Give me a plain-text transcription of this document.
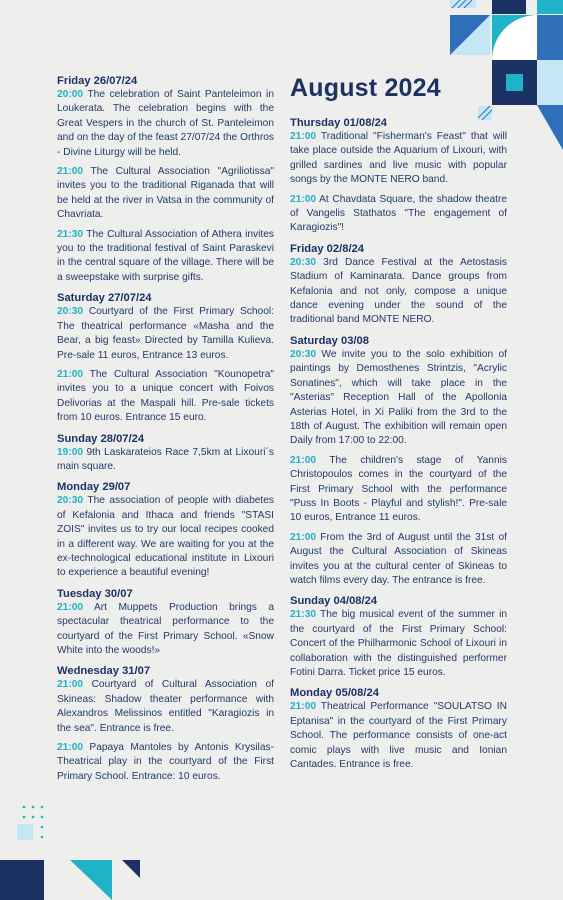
Friday 26/07/24

20:00 The celebration of Saint Panteleimon in Loukerata. The celebration begins with the Great Vespers in the church of St. Panteleimon and on the day of the feast 27/07/24 the Orthros - Divine Liturgy will be held.

21:00 The Cultural Association "Agriliotissa" invites you to the traditional Riganada that will be held at the river in Vatsa in the community of Chavriata.

21:30 The Cultural Association of Athera invites you to the traditional festival of Saint Paraskevi in the central square of the village. There will be a sweepstake with surprise gifts.

Saturday 27/07/24

20:30 Courtyard of the First Primary School: The theatrical performance «Masha and the Bear, a big feast» Directed by Tamilla Kulieva. Pre-sale 11 euros, Entrance 13 euros.

21:00 The Cultural Association "Kounopetra" invites you to a unique concert with Foivos Delivorias at the Maspali hill. Pre-sale tickets from 10 euros. Entrance 15 euro.

Sunday 28/07/24

19:00 9th Laskarateios Race 7,5km at Lixouri´s main square.

Monday 29/07

20:30 The association of people with diabetes of Kefalonia and Ithaca and friends "STASI ZOIS" invites us to try our local recipes cooked in a different way. We are waiting for you at the ex-technological educational institute in Lixouri to experience a beautiful evening!

Tuesday 30/07

21:00 Art Muppets Production brings a spectacular theatrical performance to the courtyard of the First Primary School. «Snow White into the woods!»

Wednesday 31/07

21:00 Courtyard of Cultural Association of Skineas: Shadow theater performance with Alexandros Melissinos entitled "Karagiozis in the sea". Entrance is free.

21:00 Papaya Mantoles by Antonis Krysilas- Theatrical play in the courtyard of the First Primary School. Entrance: 10 euros.

August 2024
Thursday 01/08/24

21:00 Traditional "Fisherman's Feast" that will take place outside the Aquarium of Lixouri, with grilled sardines and live music with popular songs by the MONTE NERO band.

21:00 At Chavdata Square, the shadow theatre of Vangelis Stathatos "The engagement of Karagiozis"!

Friday 02/8/24

20:30 3rd Dance Festival at the Aetostasis Stadium of Kaminarata. Dance groups from Kefalonia and not only, compose a unique dance evening under the sound of the traditional band MONTE NERO.

Saturday 03/08

20:30 We invite you to the solo exhibition of paintings by Demosthenes Strintzis, "Acrylic Sonatines", which will take place in the "Asterias" Reception Hall of the Apollonia Asterias Hotel, in Xi Paliki from the 3rd to the 18th of August. The exhibition will remain open Daily from 17:00 to 22:00.

21:00 The children's stage of Yannis Christopoulos comes in the courtyard of the First Primary School with the performance "Puss In Boots - Playful and stylish!". Pre-sale 10 euros, Entrance 11 euros.

21:00 From the 3rd of August until the 31st of August the Cultural Association of Skineas invites you at the cultural center of Skineas to watch films every day. The entrance is free.

Sunday 04/08/24

21:30 The big musical event of the summer in the courtyard of the First Primary School: Concert of the Philharmonic School of Lixouri in collaboration with the distinguished performer Fotini Darra. Ticket price 15 euros.

Monday 05/08/24

21:00 Theatrical Performance "SOULATSO IN Eptanisa" in the courtyard of the First Primary School. The performance consists of one-act comic plays with live music and Ionian Cantades. Entrance is free.
